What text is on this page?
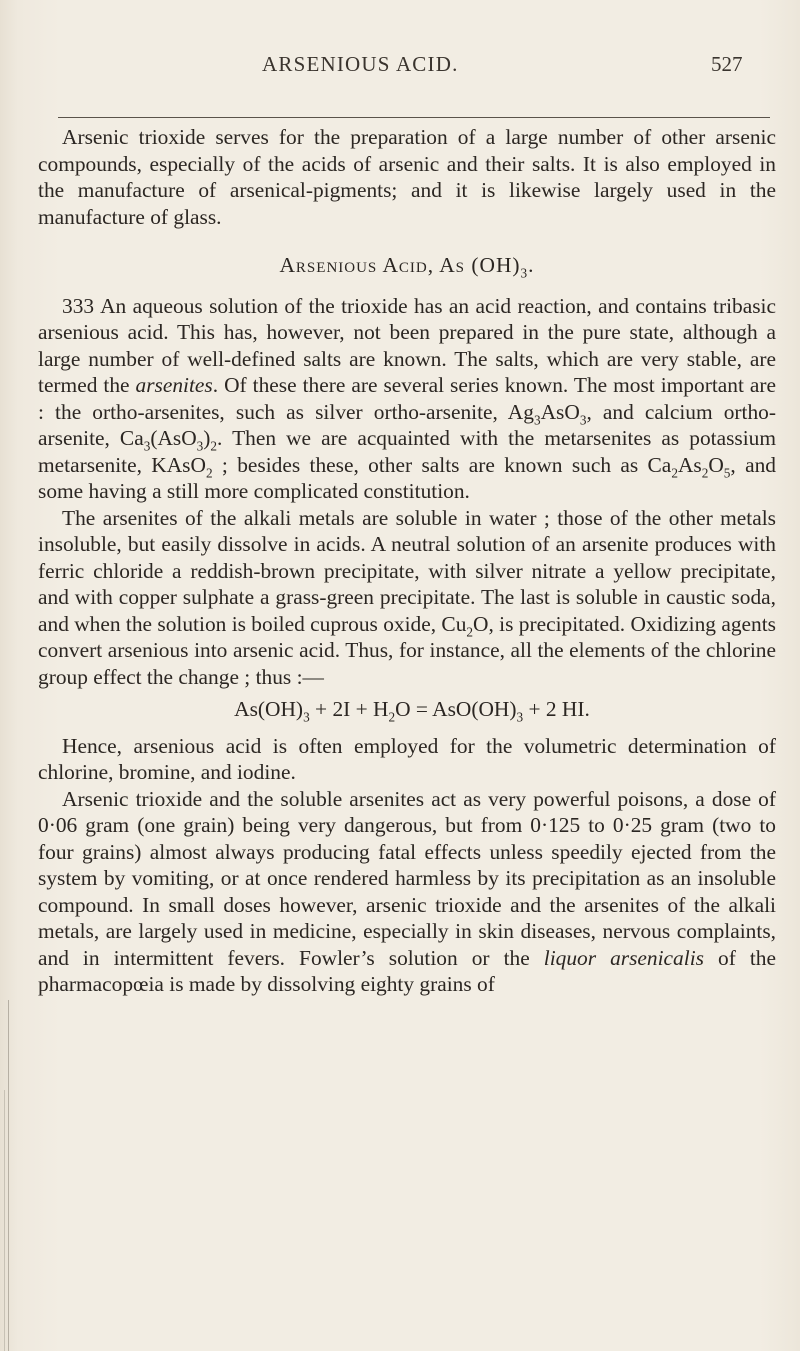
ARSENIOUS ACID.	527

Arsenic trioxide serves for the preparation of a large number of other arsenic compounds, especially of the acids of arsenic and their salts. It is also employed in the manufacture of arsenical-pigments; and it is likewise largely used in the manufacture of glass.

Arsenious Acid, As $(OH)_3$.

333 An aqueous solution of the trioxide has an acid reaction, and contains tribasic arsenious acid. This has, however, not been prepared in the pure state, although a large number of well-defined salts are known. The salts, which are very stable, are termed the arsenites. Of these there are several series known. The most important are : the ortho-arsenites, such as silver ortho-arsenite, $Ag_3AsO_3$, and calcium ortho-arsenite, $Ca_3(AsO_3)_2$. Then we are acquainted with the metarsenites as potassium metarsenite, KAsO$_2$ ; besides these, other salts are known such as $Ca_2As_2O_5$, and some having a still more complicated constitution.

The arsenites of the alkali metals are soluble in water ; those of the other metals insoluble, but easily dissolve in acids. A neutral solution of an arsenite produces with ferric chloride a reddish-brown precipitate, with silver nitrate a yellow precipitate, and with copper sulphate a grass-green precipitate. The last is soluble in caustic soda, and when the solution is boiled cuprous oxide, $Cu_2O$, is precipitated. Oxidizing agents convert arsenious into arsenic acid. Thus, for instance, all the elements of the chlorine group effect the change ; thus :—

$As(OH)_3 + 2I + H_2O = AsO(OH)_3 + 2$ HI.

Hence, arsenious acid is often employed for the volumetric determination of chlorine, bromine, and iodine.

Arsenic trioxide and the soluble arsenites act as very powerful poisons, a dose of 0·06 gram (one grain) being very dangerous, but from 0·125 to 0·25 gram (two to four grains) almost always producing fatal effects unless speedily ejected from the system by vomiting, or at once rendered harmless by its precipitation as an insoluble compound. In small doses however, arsenic trioxide and the arsenites of the alkali metals, are largely used in medicine, especially in skin diseases, nervous complaints, and in intermittent fevers. Fowler’s solution or the liquor arsenicalis of the pharmacopœia is made by dissolving eighty grains of
